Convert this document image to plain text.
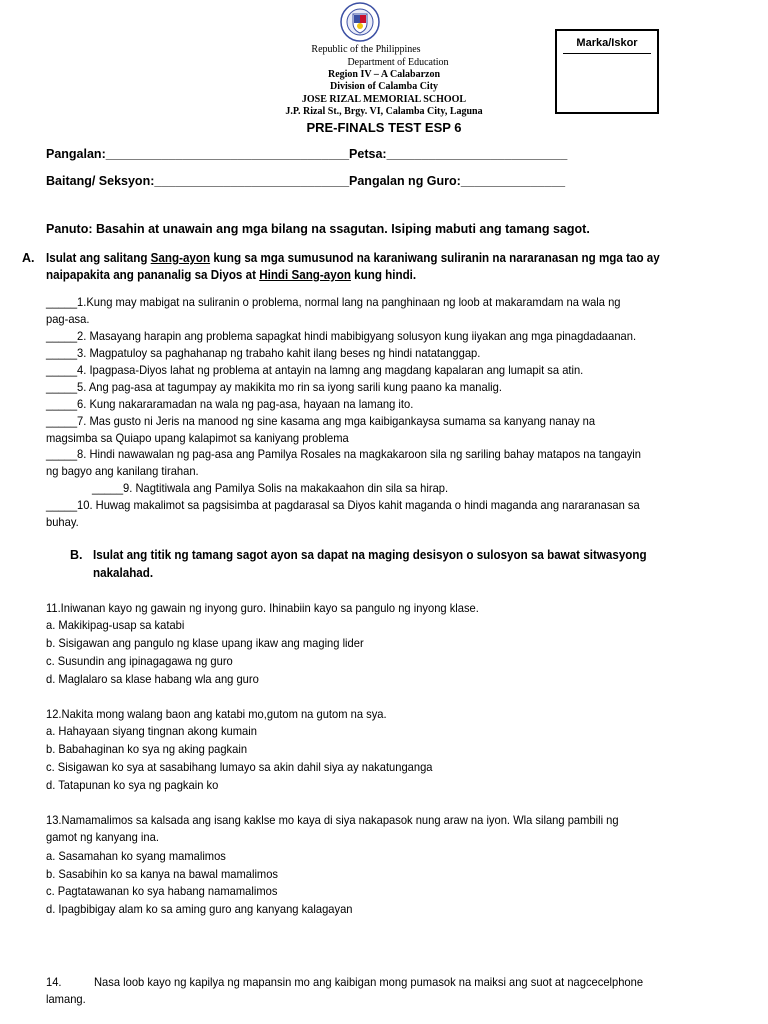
Republic of the Philippines
Department of Education
Region IV – A Calabarzon
Division of Calamba City
JOSE RIZAL MEMORIAL SCHOOL
J.P. Rizal St., Brgy. VI, Calamba City, Laguna
Marka/Iskor
PRE-FINALS TEST ESP 6
Pangalan:___________________________________Petsa:__________________________
Baitang/ Seksyon:____________________________Pangalan ng Guro:_______________
Panuto: Basahin at unawain ang mga bilang na ssagutan. Isiping mabuti ang tamang sagot.
A. Isulat ang salitang Sang-ayon kung sa mga sumusunod na karaniwang suliranin na nararanasan ng mga tao ay
naipapakita ang pananalig sa Diyos at Hindi Sang-ayon kung hindi.
_____1.Kung may mabigat na suliranin o problema, normal lang na panghinaan ng loob at makaramdam na wala ng
pag-asa.
_____2. Masayang harapin ang problema sapagkat hindi mabibigyang solusyon kung iiyakan ang mga pinagdadaanan.
_____3. Magpatuloy sa paghahanap ng trabaho kahit ilang beses ng hindi natatanggap.
_____4. Ipagpasa-Diyos lahat ng problema at antayin na lamng ang magdang kapalaran ang lumapit sa atin.
_____5. Ang pag-asa at tagumpay ay makikita mo rin sa iyong sarili kung paano ka manalig.
_____6. Kung nakararamadan na wala ng pag-asa, hayaan na lamang ito.
_____7. Mas gusto ni Jeris na manood ng sine kasama ang mga kaibigankaysa sumama sa kanyang nanay na
magsimba sa Quiapo upang kalapimot sa kaniyang problema
_____8. Hindi nawawalan ng pag-asa ang Pamilya Rosales na magkakaroon sila ng sariling bahay matapos na tangayin
ng bagyo ang kanilang tirahan.
_____9. Nagtitiwala ang Pamilya Solis na makakaahon din sila sa hirap.
_____10. Huwag makalimot sa pagsisimba at pagdarasal sa Diyos kahit maganda o hindi maganda ang nararanasan sa
buhay.
B. Isulat ang titik ng tamang sagot ayon sa dapat na maging desisyon o sulosyon sa bawat sitwasyong
nakalahad.
11.Iniwanan kayo ng gawain ng inyong guro. Ihinabiin kayo sa pangulo ng inyong klase.
a. Makikipag-usap sa katabi
b. Sisigawan ang pangulo ng klase upang ikaw ang maging lider
c. Susundin ang ipinagagawa ng guro
d. Maglalaro sa klase habang wla ang guro
12.Nakita mong walang baon ang katabi mo,gutom na gutom na sya.
a. Hahayaan siyang tingnan akong kumain
b. Babahaginan ko sya ng aking pagkain
c. Sisigawan ko sya at sasabihang lumayo sa akin dahil siya ay nakatunganga
d. Tatapunan ko sya ng pagkain ko
13.Namamalimos sa kalsada ang isang kaklse mo kaya di siya nakapasok nung araw na iyon. Wla silang pambili ng
gamot ng kanyang ina.
a. Sasamahan ko syang mamalimos
b. Sasabihin ko sa kanya na bawal mamalimos
c. Pagtatawanan ko sya habang namamalimos
d. Ipagbibigay alam ko sa aming guro ang kanyang kalagayan
14.	Nasa loob kayo ng kapilya ng mapansin mo ang kaibigan mong pumasok na maiksi ang suot at nagcecelphone
lamang.
